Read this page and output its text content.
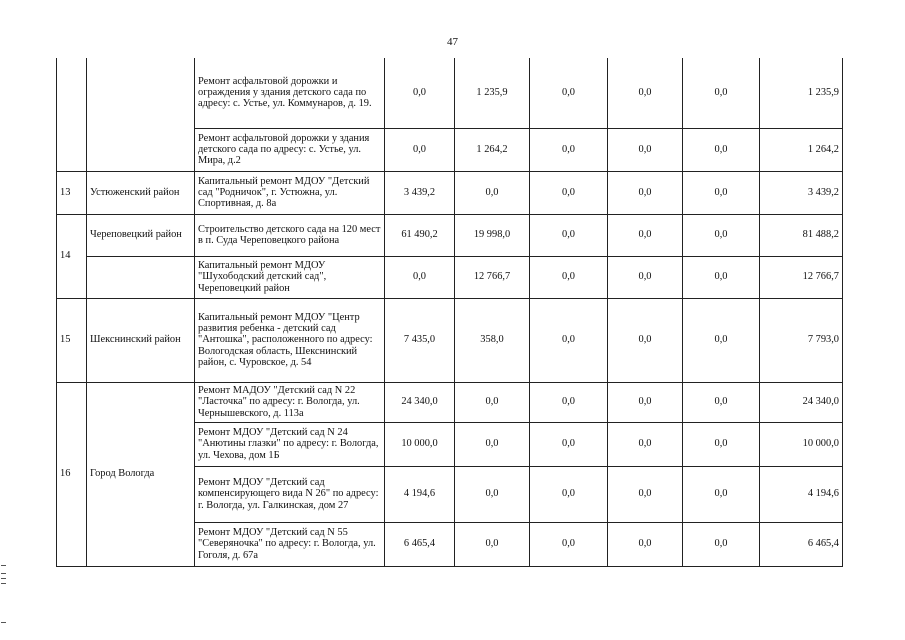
47
		Ремонт асфальтовой дорожки и ограждения у здания детского сада по адресу: с. Устье, ул. Коммунаров, д. 19.	0,0	1 235,9	0,0	0,0	0,0	1 235,9
		Ремонт асфальтовой дорожки у здания детского сада по адресу: с. Устье, ул. Мира, д.2	0,0	1 264,2	0,0	0,0	0,0	1 264,2
13	Устюженский район	Капитальный ремонт МДОУ "Детский сад "Родничок", г. Устюжна, ул. Спортивная, д. 8а	3 439,2	0,0	0,0	0,0	0,0	3 439,2
14	Череповецкий район	Строительство детского сада на 120 мест в п. Суда Череповецкого района	61 490,2	19 998,0	0,0	0,0	0,0	81 488,2
		Капитальный ремонт МДОУ "Шухободский детский сад", Череповецкий район	0,0	12 766,7	0,0	0,0	0,0	12 766,7
15	Шекснинский район	Капитальный ремонт МДОУ "Центр развития ребенка - детский сад "Антошка", расположенного по адресу: Вологодская область, Шекснинский район, с. Чуровское, д. 54	7 435,0	358,0	0,0	0,0	0,0	7 793,0
16	Город Вологда	Ремонт МАДОУ "Детский сад N 22 "Ласточка" по адресу: г. Вологда, ул. Чернышевского, д. 113а	24 340,0	0,0	0,0	0,0	0,0	24 340,0
		Ремонт МДОУ "Детский сад N 24 "Анютины глазки" по адресу: г. Вологда, ул. Чехова, дом 1Б	10 000,0	0,0	0,0	0,0	0,0	10 000,0
		Ремонт МДОУ "Детский сад компенсирующего вида N 26" по адресу: г. Вологда, ул. Галкинская, дом 27	4 194,6	0,0	0,0	0,0	0,0	4 194,6
		Ремонт МДОУ "Детский сад N 55 "Северяночка" по адресу: г. Вологда, ул. Гоголя, д. 67а	6 465,4	0,0	0,0	0,0	0,0	6 465,4
